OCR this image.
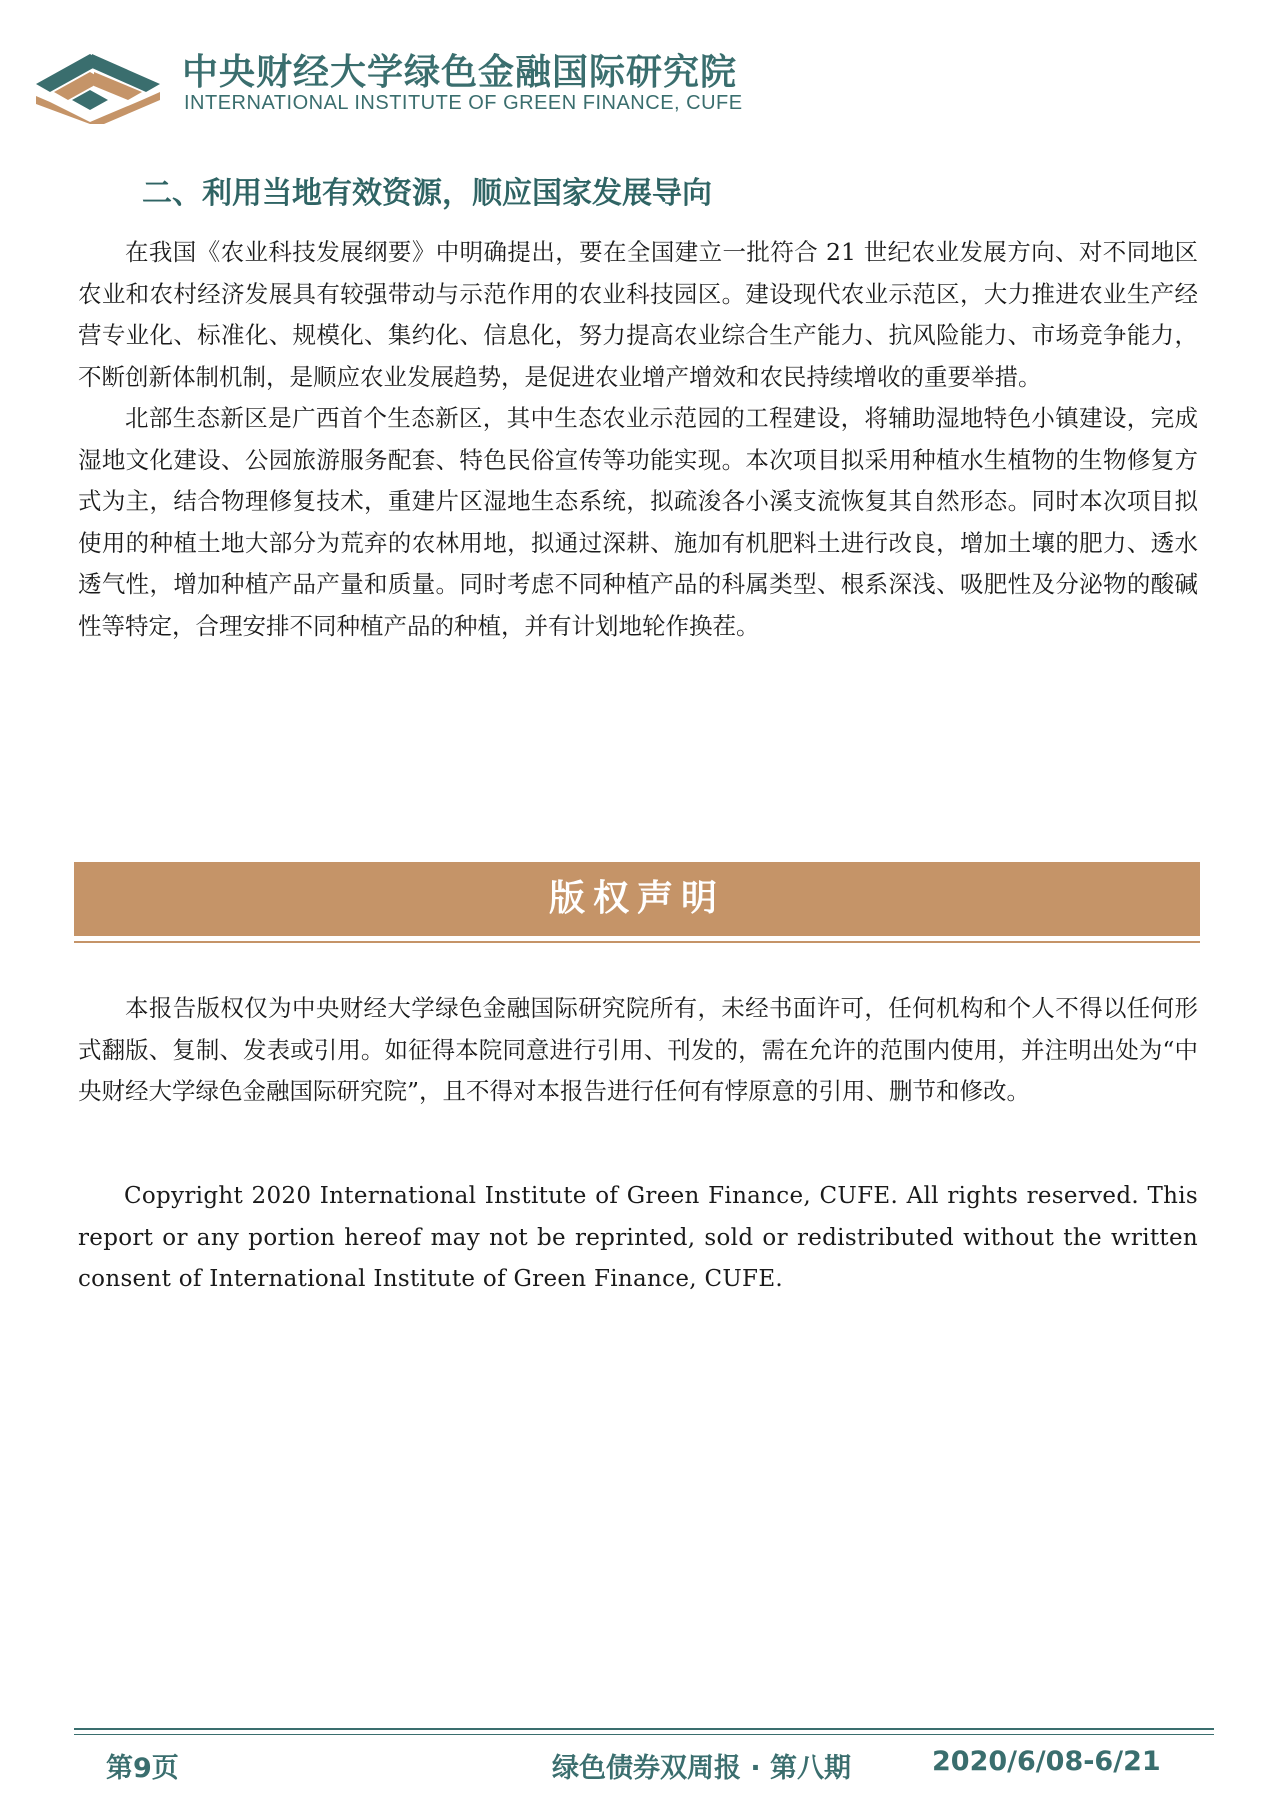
中央财经大学绿色金融国际研究院
INTERNATIONAL INSTITUTE OF GREEN FINANCE, CUFE
二、利用当地有效资源，顺应国家发展导向

在我国《农业科技发展纲要》中明确提出，要在全国建立一批符合 21 世纪农业发展方向、对不同地区农业和农村经济发展具有较强带动与示范作用的农业科技园区。建设现代农业示范区，大力推进农业生产经营专业化、标准化、规模化、集约化、信息化，努力提高农业综合生产能力、抗风险能力、市场竞争能力，不断创新体制机制，是顺应农业发展趋势，是促进农业增产增效和农民持续增收的重要举措。

北部生态新区是广西首个生态新区，其中生态农业示范园的工程建设，将辅助湿地特色小镇建设，完成湿地文化建设、公园旅游服务配套、特色民俗宣传等功能实现。本次项目拟采用种植水生植物的生物修复方式为主，结合物理修复技术，重建片区湿地生态系统，拟疏浚各小溪支流恢复其自然形态。同时本次项目拟使用的种植土地大部分为荒弃的农林用地，拟通过深耕、施加有机肥料土进行改良，增加土壤的肥力、透水透气性，增加种植产品产量和质量。同时考虑不同种植产品的科属类型、根系深浅、吸肥性及分泌物的酸碱性等特定，合理安排不同种植产品的种植，并有计划地轮作换茬。

版权声明

本报告版权仅为中央财经大学绿色金融国际研究院所有，未经书面许可，任何机构和个人不得以任何形式翻版、复制、发表或引用。如征得本院同意进行引用、刊发的，需在允许的范围内使用，并注明出处为“中央财经大学绿色金融国际研究院”，且不得对本报告进行任何有悖原意的引用、删节和修改。

Copyright 2020 International Institute of Green Finance, CUFE. All rights reserved. This report or any portion hereof may not be reprinted, sold or redistributed without the written consent of International Institute of Green Finance, CUFE.

第9页	绿色债券双周报 · 第八期	2020/6/08-6/21
